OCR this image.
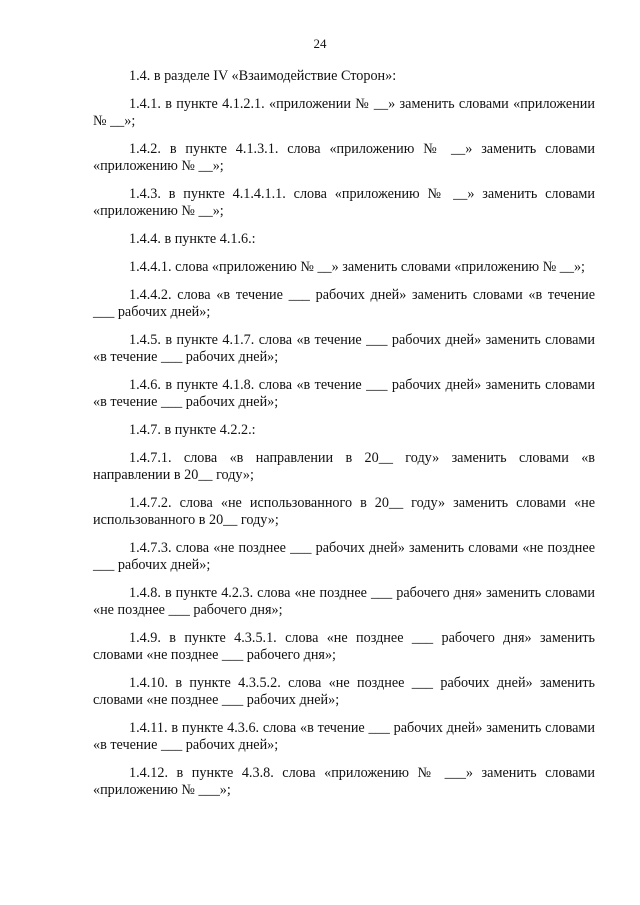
24

1.4. в разделе IV «Взаимодействие Сторон»:

1.4.1. в пункте 4.1.2.1. «приложении № __» заменить словами «приложении № __»;

1.4.2. в пункте 4.1.3.1. слова «приложению № __» заменить словами «приложению № __»;

1.4.3. в пункте 4.1.4.1.1. слова «приложению № __» заменить словами «приложению № __»;

1.4.4. в пункте 4.1.6.:

1.4.4.1. слова «приложению № __» заменить словами «приложению № __»;

1.4.4.2. слова «в течение ___ рабочих дней» заменить словами «в течение ___ рабочих дней»;

1.4.5. в пункте 4.1.7. слова «в течение ___ рабочих дней» заменить словами «в течение ___ рабочих дней»;

1.4.6. в пункте 4.1.8. слова «в течение ___ рабочих дней» заменить словами «в течение ___ рабочих дней»;

1.4.7. в пункте 4.2.2.:

1.4.7.1. слова «в направлении в 20__ году» заменить словами «в направлении в 20__ году»;

1.4.7.2. слова «не использованного в 20__ году» заменить словами «не использованного в 20__ году»;

1.4.7.3. слова «не позднее ___ рабочих дней» заменить словами «не позднее ___ рабочих дней»;

1.4.8. в пункте 4.2.3. слова «не позднее ___ рабочего дня» заменить словами «не позднее ___ рабочего дня»;

1.4.9. в пункте 4.3.5.1. слова «не позднее ___ рабочего дня» заменить словами «не позднее ___ рабочего дня»;

1.4.10. в пункте 4.3.5.2. слова «не позднее ___ рабочих дней» заменить словами «не позднее ___ рабочих дней»;

1.4.11. в пункте 4.3.6. слова «в течение ___ рабочих дней» заменить словами «в течение ___ рабочих дней»;

1.4.12. в пункте 4.3.8. слова «приложению № ___» заменить словами «приложению № ___»;
